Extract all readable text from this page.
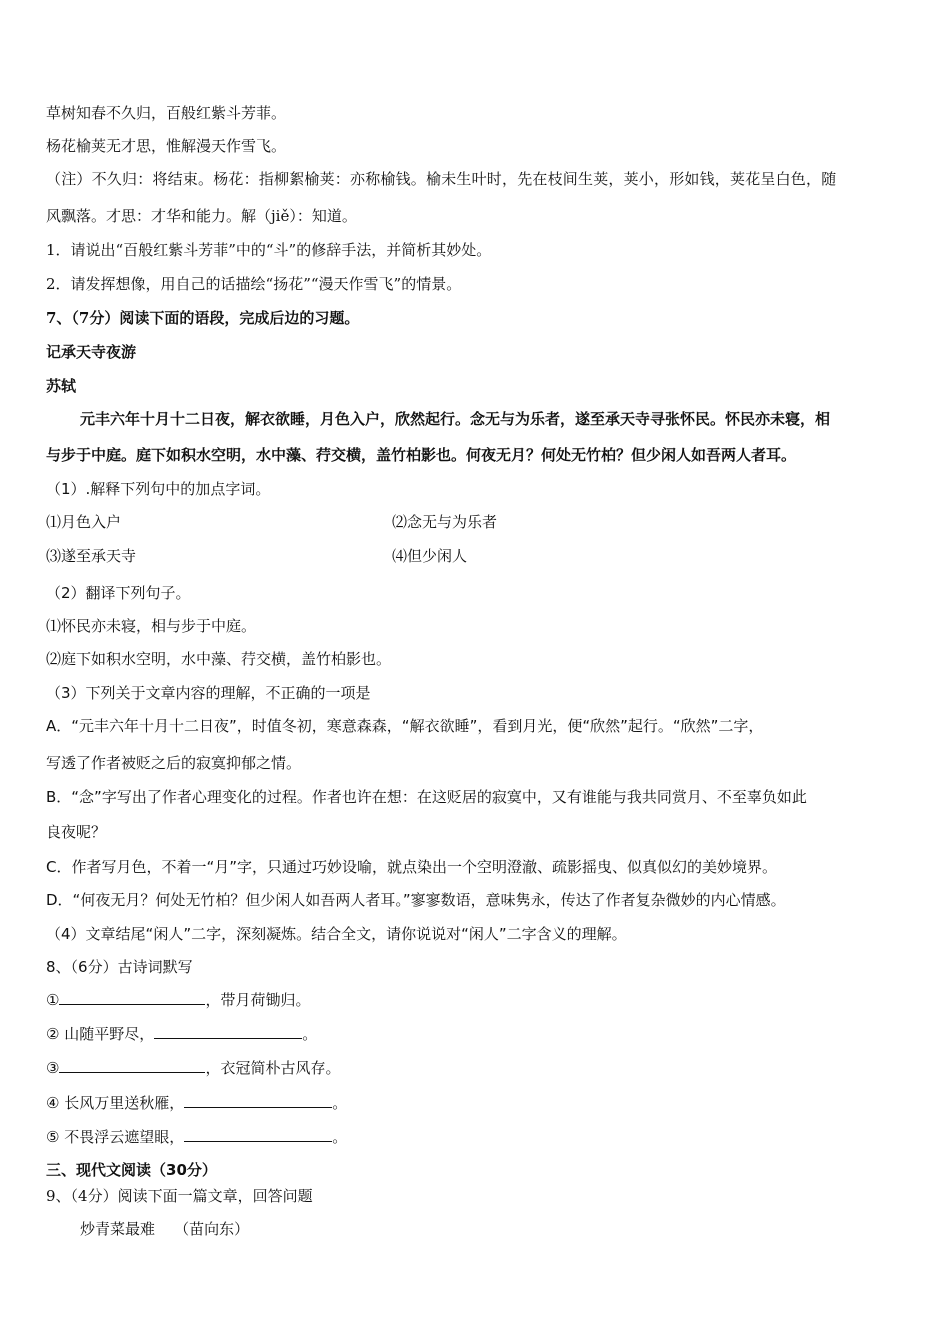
草树知春不久归，百般红紫斗芳菲。
杨花榆荚无才思，惟解漫天作雪飞。
（注）不久归：将结束。杨花：指柳絮榆荚：亦称榆钱。榆未生叶时，先在枝间生荚，荚小，形如钱，荚花呈白色，随
风飘落。才思：才华和能力。解（jiě）：知道。
1．请说出“百般红紫斗芳菲”中的“斗”的修辞手法，并简析其妙处。
2．请发挥想像，用自己的话描绘“扬花”“漫天作雪飞”的情景。
7、（7分）阅读下面的语段，完成后边的习题。
记承天寺夜游
苏轼
元丰六年十月十二日夜，解衣欲睡，月色入户，欣然起行。念无与为乐者，遂至承天寺寻张怀民。怀民亦未寝，相
与步于中庭。庭下如积水空明，水中藻、荇交横，盖竹柏影也。何夜无月？何处无竹柏？但少闲人如吾两人者耳。
（1）.解释下列句中的加点字词。
⑴月色入户	⑵念无与为乐者
⑶遂至承天寺	⑷但少闲人
（2）翻译下列句子。
⑴怀民亦未寝，相与步于中庭。
⑵庭下如积水空明，水中藻、荇交横，盖竹柏影也。
（3）下列关于文章内容的理解，不正确的一项是
A．“元丰六年十月十二日夜”，时值冬初，寒意森森，“解衣欲睡”，看到月光，便“欣然”起行。“欣然”二字，
写透了作者被贬之后的寂寞抑郁之情。
B．“念”字写出了作者心理变化的过程。作者也许在想：在这贬居的寂寞中，又有谁能与我共同赏月、不至辜负如此
良夜呢？
C．作者写月色，不着一“月”字，只通过巧妙设喻，就点染出一个空明澄澈、疏影摇曳、似真似幻的美妙境界。
D．“何夜无月？何处无竹柏？但少闲人如吾两人者耳。”寥寥数语，意味隽永，传达了作者复杂微妙的内心情感。
（4）文章结尾“闲人”二字，深刻凝炼。结合全文，请你说说对“闲人”二字含义的理解。
8、（6分）古诗词默写
①	，带月荷锄归。
② 山随平野尽，	。
③	，衣冠简朴古风存。
④ 长风万里送秋雁，	。
⑤ 不畏浮云遮望眼，	。
三、现代文阅读（30分）
9、（4分）阅读下面一篇文章，回答问题
炒青菜最难    （苗向东）
